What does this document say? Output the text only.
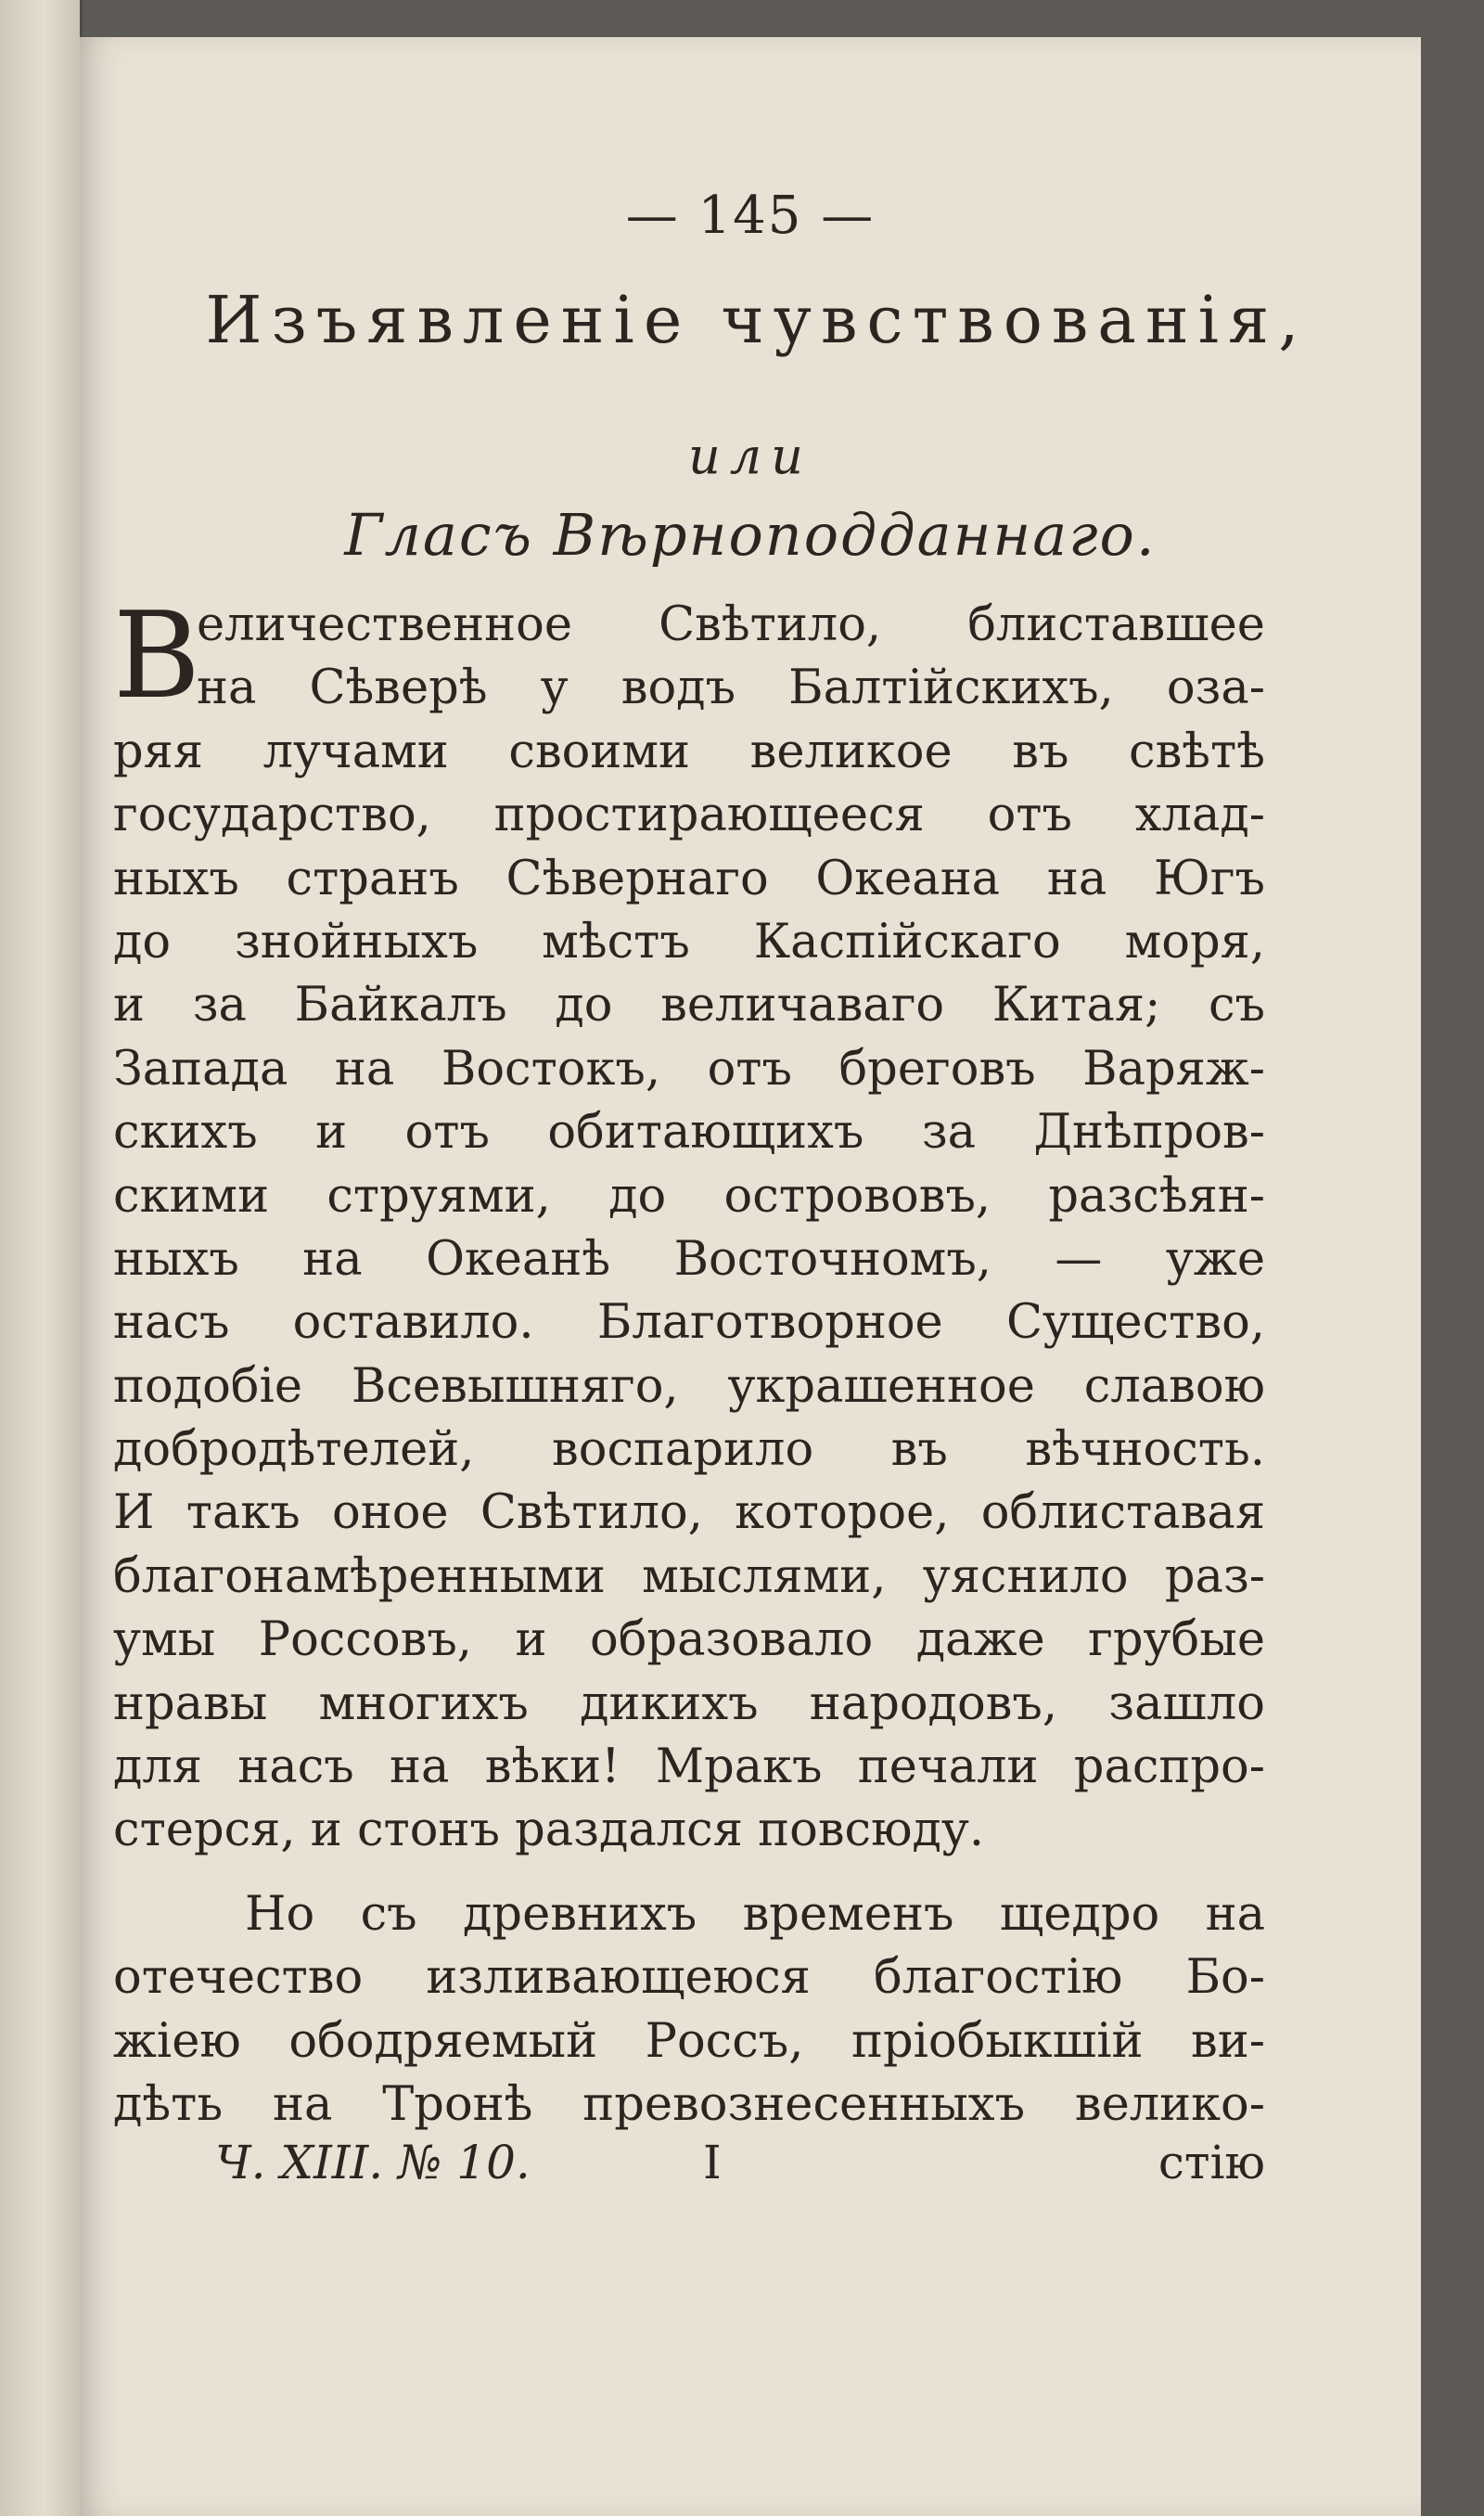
— 145 —
Изъявленіе чувствованія,
или
Гласъ Вѣрноподданнаго.
В
еличественное Свѣтило, блиставшее
на Сѣверѣ у водъ Балтійскихъ, оза-
ряя лучами своими великое въ свѣтѣ
государство, простирающееся отъ хлад-
ныхъ странъ Сѣвернаго Океана на Югъ
до знойныхъ мѣстъ Каспійскаго моря,
и за Байкалъ до величаваго Китая; съ
Запада на Востокъ, отъ бреговъ Варяж-
скихъ и отъ обитающихъ за Днѣпров-
скими струями, до острововъ, разсѣян-
ныхъ на Океанѣ Восточномъ, — уже
насъ оставило. Благотворное Существо,
подобіе Всевышняго, украшенное славою
добродѣтелей, воспарило въ вѣчность.
И такъ оное Свѣтило, которое, облиставая
благонамѣренными мыслями, уяснило раз-
умы Россовъ, и образовало даже грубые
нравы многихъ дикихъ народовъ, зашло
для насъ на вѣки! Мракъ печали распро-
стерся, и стонъ раздался повсюду.
Но съ древнихъ временъ щедро на
отечество изливающеюся благостію Бо-
жіею ободряемый Россъ, пріобыкшій ви-
дѣть на Тронѣ превознесенныхъ велико-
Ч. XIII. № 10.	I	стію
